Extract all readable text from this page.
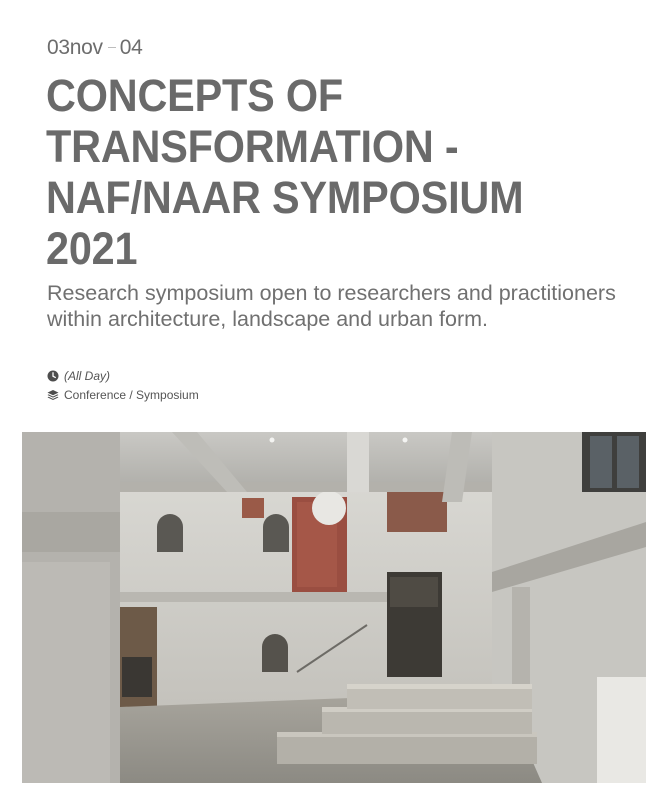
03nov 04
CONCEPTS OF TRANSFORMATION - NAF/NAAR SYMPOSIUM 2021

Research symposium open to researchers and practitioners within architecture, landscape and urban form.

(All Day)
Conference / Symposium
